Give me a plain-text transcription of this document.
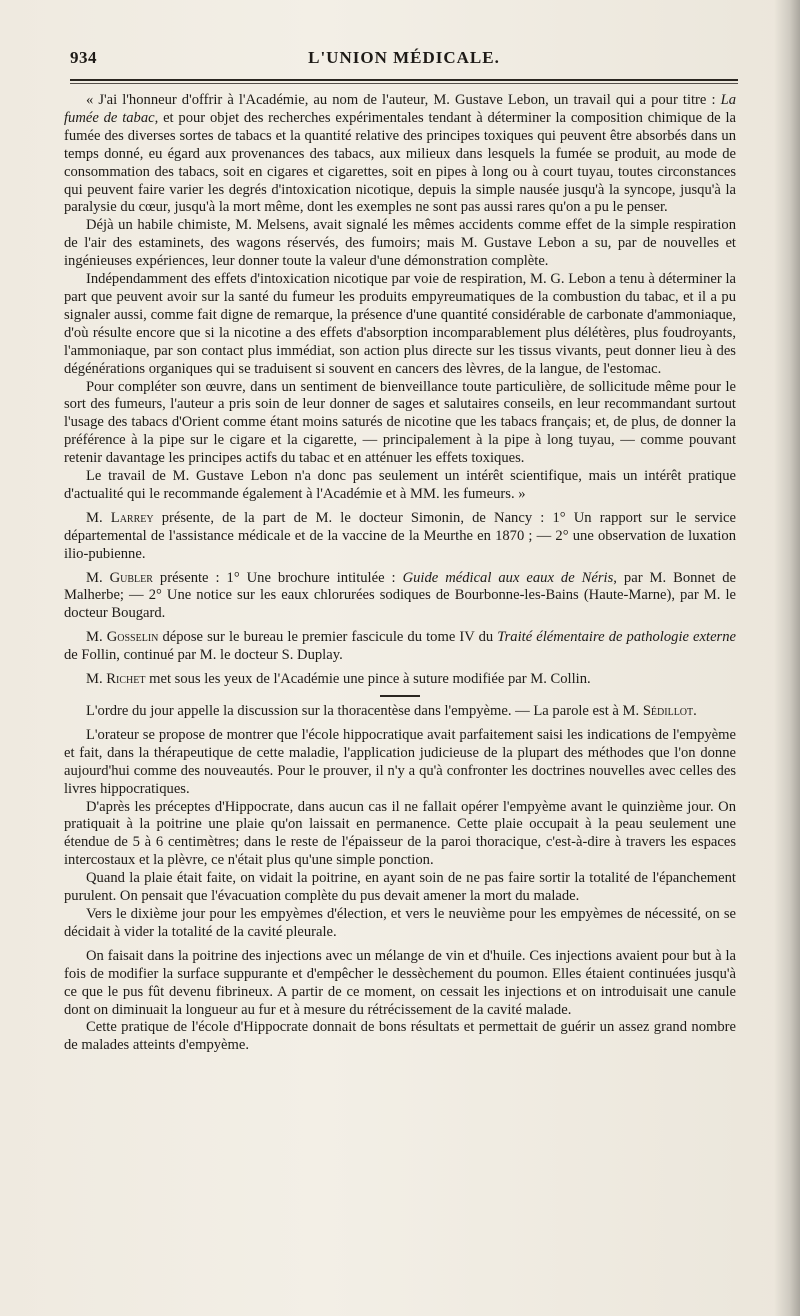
934	L'UNION MÉDICALE.

« J'ai l'honneur d'offrir à l'Académie, au nom de l'auteur, M. Gustave Lebon, un travail qui a pour titre : La fumée de tabac, et pour objet des recherches expérimentales tendant à déterminer la composition chimique de la fumée des diverses sortes de tabacs et la quantité relative des principes toxiques qui peuvent être absorbés dans un temps donné, eu égard aux provenances des tabacs, aux milieux dans lesquels la fumée se produit, au mode de consommation des tabacs, soit en cigares et cigarettes, soit en pipes à long ou à court tuyau, toutes circonstances qui peuvent faire varier les degrés d'intoxication nicotique, depuis la simple nausée jusqu'à la syncope, jusqu'à la paralysie du cœur, jusqu'à la mort même, dont les exemples ne sont pas aussi rares qu'on a pu le penser.

Déjà un habile chimiste, M. Melsens, avait signalé les mêmes accidents comme effet de la simple respiration de l'air des estaminets, des wagons réservés, des fumoirs; mais M. Gustave Lebon a su, par de nouvelles et ingénieuses expériences, leur donner toute la valeur d'une démonstration complète.

Indépendamment des effets d'intoxication nicotique par voie de respiration, M. G. Lebon a tenu à déterminer la part que peuvent avoir sur la santé du fumeur les produits empyreumatiques de la combustion du tabac, et il a pu signaler aussi, comme fait digne de remarque, la présence d'une quantité considérable de carbonate d'ammoniaque, d'où résulte encore que si la nicotine a des effets d'absorption incomparablement plus délétères, plus foudroyants, l'ammoniaque, par son contact plus immédiat, son action plus directe sur les tissus vivants, peut donner lieu à des dégénérations organiques qui se traduisent si souvent en cancers des lèvres, de la langue, de l'estomac.

Pour compléter son œuvre, dans un sentiment de bienveillance toute particulière, de sollicitude même pour le sort des fumeurs, l'auteur a pris soin de leur donner de sages et salutaires conseils, en leur recommandant surtout l'usage des tabacs d'Orient comme étant moins saturés de nicotine que les tabacs français; et, de plus, de donner la préférence à la pipe sur le cigare et la cigarette, — principalement à la pipe à long tuyau, — comme pouvant retenir davantage les principes actifs du tabac et en atténuer les effets toxiques.

Le travail de M. Gustave Lebon n'a donc pas seulement un intérêt scientifique, mais un intérêt pratique d'actualité qui le recommande également à l'Académie et à MM. les fumeurs. »

M. Larrey présente, de la part de M. le docteur Simonin, de Nancy : 1° Un rapport sur le service départemental de l'assistance médicale et de la vaccine de la Meurthe en 1870 ; — 2° une observation de luxation ilio-pubienne.

M. Gubler présente : 1° Une brochure intitulée : Guide médical aux eaux de Néris, par M. Bonnet de Malherbe; — 2° Une notice sur les eaux chlorurées sodiques de Bourbonne-les-Bains (Haute-Marne), par M. le docteur Bougard.

M. Gosselin dépose sur le bureau le premier fascicule du tome IV du Traité élémentaire de pathologie externe de Follin, continué par M. le docteur S. Duplay.

M. Richet met sous les yeux de l'Académie une pince à suture modifiée par M. Collin.

L'ordre du jour appelle la discussion sur la thoracentèse dans l'empyème. — La parole est à M. Sédillot.

L'orateur se propose de montrer que l'école hippocratique avait parfaitement saisi les indications de l'empyème et fait, dans la thérapeutique de cette maladie, l'application judicieuse de la plupart des méthodes que l'on donne aujourd'hui comme des nouveautés. Pour le prouver, il n'y a qu'à confronter les doctrines nouvelles avec celles des livres hippocratiques.

D'après les préceptes d'Hippocrate, dans aucun cas il ne fallait opérer l'empyème avant le quinzième jour. On pratiquait à la poitrine une plaie qu'on laissait en permanence. Cette plaie occupait à la peau seulement une étendue de 5 à 6 centimètres; dans le reste de l'épaisseur de la paroi thoracique, c'est-à-dire à travers les espaces intercostaux et la plèvre, ce n'était plus qu'une simple ponction.

Quand la plaie était faite, on vidait la poitrine, en ayant soin de ne pas faire sortir la totalité de l'épanchement purulent. On pensait que l'évacuation complète du pus devait amener la mort du malade.

Vers le dixième jour pour les empyèmes d'élection, et vers le neuvième pour les empyèmes de nécessité, on se décidait à vider la totalité de la cavité pleurale.

On faisait dans la poitrine des injections avec un mélange de vin et d'huile. Ces injections avaient pour but à la fois de modifier la surface suppurante et d'empêcher le dessèchement du poumon. Elles étaient continuées jusqu'à ce que le pus fût devenu fibrineux. A partir de ce moment, on cessait les injections et on introduisait une canule dont on diminuait la longueur au fur et à mesure du rétrécissement de la cavité malade.

Cette pratique de l'école d'Hippocrate donnait de bons résultats et permettait de guérir un assez grand nombre de malades atteints d'empyème.
